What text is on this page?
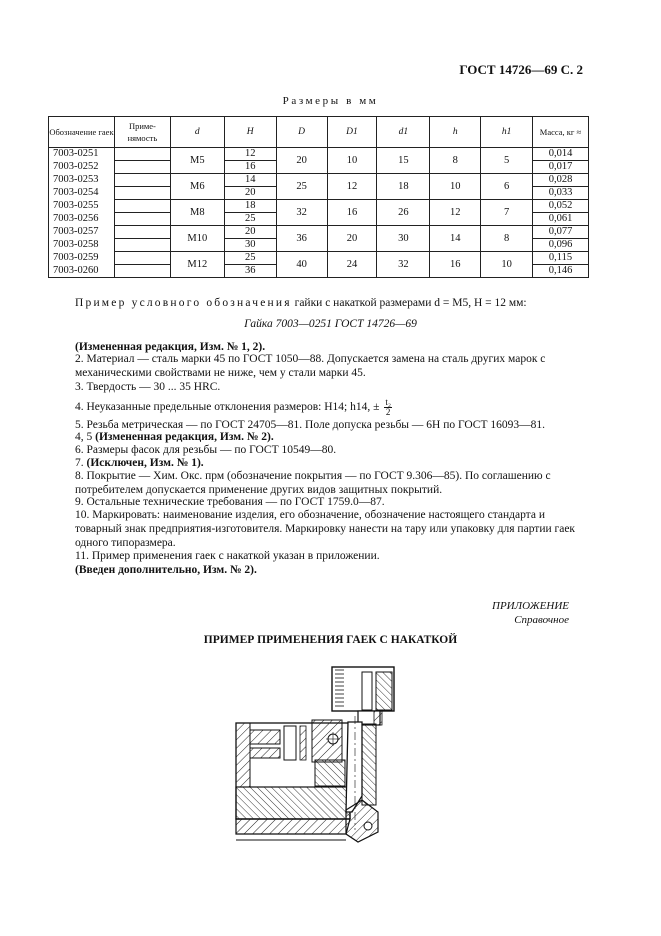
ГОСТ 14726—69 С. 2
Размеры в мм
Обозначение гаек	Приме- нямость	d	H	D	D1	d1	h	h1	Масса, кг ≈
7003-0251		M5	12	20	10	15	8	5	0,014
7003-0252			16						0,017
7003-0253		M6	14	25	12	18	10	6	0,028
7003-0254			20						0,033
7003-0255		M8	18	32	16	26	12	7	0,052
7003-0256			25						0,061
7003-0257		M10	20	36	20	30	14	8	0,077
7003-0258			30						0,096
7003-0259		M12	25	40	24	32	16	10	0,115
7003-0260			36						0,146
Пример условного обозначения гайки с накаткой размерами d = M5, H = 12 мм:
Гайка 7003—0251 ГОСТ 14726—69
(Измененная редакция, Изм. № 1, 2).
2. Материал — сталь марки 45 по ГОСТ 1050—88. Допускается замена на сталь других марок с механическими свойствами не ниже, чем у стали марки 45.
3. Твердость — 30 ... 35 HRC.
4. Неуказанные предельные отклонения размеров: H14; h14, ± $\frac{\text{t₂}}{2}$
5. Резьба метрическая — по ГОСТ 24705—81. Поле допуска резьбы — 6H по ГОСТ 16093—81.
4, 5 (Измененная редакция, Изм. № 2).
6. Размеры фасок для резьбы — по ГОСТ 10549—80.
7. (Исключен, Изм. № 1).
8. Покрытие — Хим. Окс. прм (обозначение покрытия — по ГОСТ 9.306—85). По соглашению с потребителем допускается применение других видов защитных покрытий.
9. Остальные технические требования — по ГОСТ 1759.0—87.
10. Маркировать: наименование изделия, его обозначение, обозначение настоящего стандарта и товарный знак предприятия-изготовителя. Маркировку нанести на тару или упаковку для партии гаек одного типоразмера.
11. Пример применения гаек с накаткой указан в приложении.
(Введен дополнительно, Изм. № 2).
ПРИЛОЖЕНИЕ
Справочное
ПРИМЕР ПРИМЕНЕНИЯ ГАЕК С НАКАТКОЙ
